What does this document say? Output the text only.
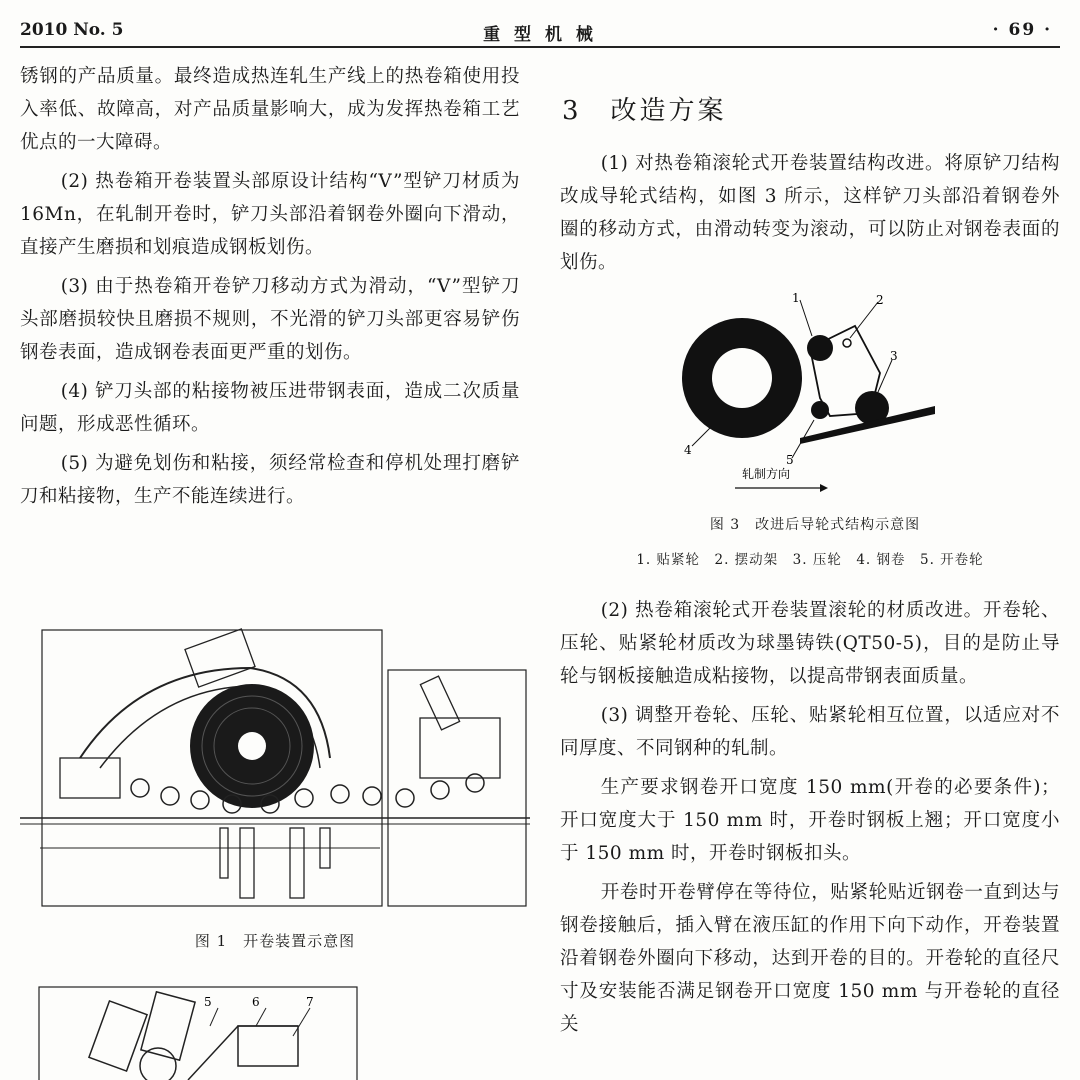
2010 No. 5	重 型 机 械	· 69 ·

锈钢的产品质量。最终造成热连轧生产线上的热卷箱使用投入率低、故障高，对产品质量影响大，成为发挥热卷箱工艺优点的一大障碍。

(2) 热卷箱开卷装置头部原设计结构“V”型铲刀材质为 16Mn，在轧制开卷时，铲刀头部沿着钢卷外圈向下滑动，直接产生磨损和划痕造成钢板划伤。

(3) 由于热卷箱开卷铲刀移动方式为滑动，“V”型铲刀头部磨损较快且磨损不规则，不光滑的铲刀头部更容易铲伤钢卷表面，造成钢卷表面更严重的划伤。

(4) 铲刀头部的粘接物被压进带钢表面，造成二次质量问题，形成恶性循环。

(5) 为避免划伤和粘接，须经常检查和停机处理打磨铲刀和粘接物，生产不能连续进行。

3　改造方案

(1) 对热卷箱滚轮式开卷装置结构改进。将原铲刀结构改成导轮式结构，如图 3 所示，这样铲刀头部沿着钢卷外圈的移动方式，由滑动转变为滚动，可以防止对钢卷表面的划伤。

1	2
3
4
5
轧制方向
图 3　改进后导轮式结构示意图
1. 贴紧轮　2. 摆动架　3. 压轮　4. 钢卷　5. 开卷轮

(2) 热卷箱滚轮式开卷装置滚轮的材质改进。开卷轮、压轮、贴紧轮材质改为球墨铸铁(QT50-5)，目的是防止导轮与钢板接触造成粘接物，以提高带钢表面质量。

(3) 调整开卷轮、压轮、贴紧轮相互位置，以适应对不同厚度、不同钢种的轧制。

生产要求钢卷开口宽度 150 mm(开卷的必要条件)；开口宽度大于 150 mm 时，开卷时钢板上翘；开口宽度小于 150 mm 时，开卷时钢板扣头。

开卷时开卷臂停在等待位，贴紧轮贴近钢卷一直到达与钢卷接触后，插入臂在液压缸的作用下向下动作，开卷装置沿着钢卷外圈向下移动，达到开卷的目的。开卷轮的直径尺寸及安装能否满足钢卷开口宽度 150 mm 与开卷轮的直径关

图 1　开卷装置示意图
5	6	7
